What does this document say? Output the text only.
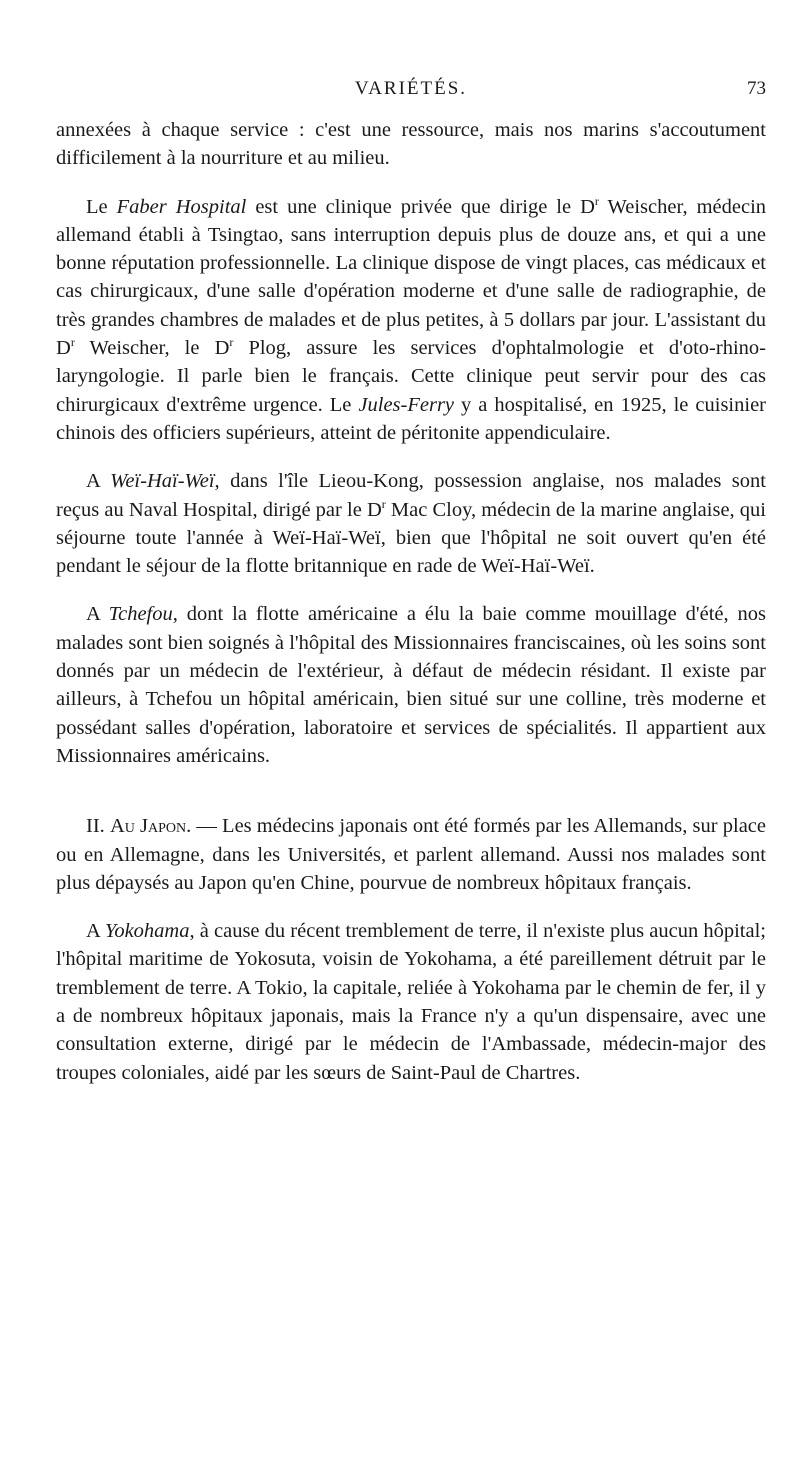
VARIÉTÉS.	73

annexées à chaque service : c'est une ressource, mais nos marins s'accoutument difficilement à la nourriture et au milieu.

Le Faber Hospital est une clinique privée que dirige le $D^r$ Weischer, médecin allemand établi à Tsingtao, sans interruption depuis plus de douze ans, et qui a une bonne réputation professionnelle. La clinique dispose de vingt places, cas médicaux et cas chirurgicaux, d'une salle d'opération moderne et d'une salle de radiographie, de très grandes chambres de malades et de plus petites, à 5 dollars par jour. L'assistant du $D^r$ Weischer, le $D^r$ Plog, assure les services d'ophtalmologie et d'oto-rhino-laryngologie. Il parle bien le français. Cette clinique peut servir pour des cas chirurgicaux d'extrême urgence. Le Jules-Ferry y a hospitalisé, en 1925, le cuisinier chinois des officiers supérieurs, atteint de péritonite appendiculaire.

A Weï-Haï-Weï, dans l'île Lieou-Kong, possession anglaise, nos malades sont reçus au Naval Hospital, dirigé par le $D^r$ Mac Cloy, médecin de la marine anglaise, qui séjourne toute l'année à Weï-Haï-Weï, bien que l'hôpital ne soit ouvert qu'en été pendant le séjour de la flotte britannique en rade de Weï-Haï-Weï.

A Tchefou, dont la flotte américaine a élu la baie comme mouillage d'été, nos malades sont bien soignés à l'hôpital des Missionnaires franciscaines, où les soins sont donnés par un médecin de l'extérieur, à défaut de médecin résidant. Il existe par ailleurs, à Tchefou un hôpital américain, bien situé sur une colline, très moderne et possédant salles d'opération, laboratoire et services de spécialités. Il appartient aux Missionnaires américains.

II. Au Japon. — Les médecins japonais ont été formés par les Allemands, sur place ou en Allemagne, dans les Universités, et parlent allemand. Aussi nos malades sont plus dépaysés au Japon qu'en Chine, pourvue de nombreux hôpitaux français.

A Yokohama, à cause du récent tremblement de terre, il n'existe plus aucun hôpital; l'hôpital maritime de Yokosuta, voisin de Yokohama, a été pareillement détruit par le tremblement de terre. A Tokio, la capitale, reliée à Yokohama par le chemin de fer, il y a de nombreux hôpitaux japonais, mais la France n'y a qu'un dispensaire, avec une consultation externe, dirigé par le médecin de l'Ambassade, médecin-major des troupes coloniales, aidé par les sœurs de Saint-Paul de Chartres.
